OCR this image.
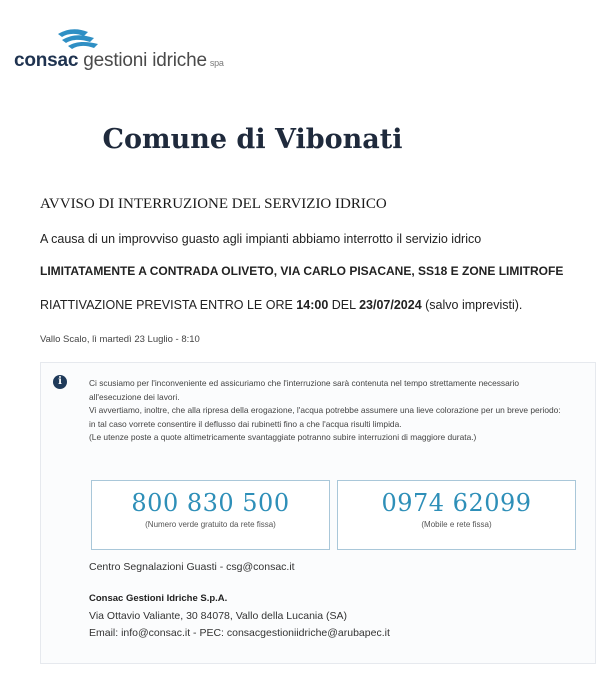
consac gestioni idriche spa
Comune di Vibonati
AVVISO DI INTERRUZIONE DEL SERVIZIO IDRICO
A causa di un improvviso guasto agli impianti abbiamo interrotto il servizio idrico
LIMITATAMENTE A CONTRADA OLIVETO, VIA CARLO PISACANE, SS18 E ZONE LIMITROFE
RIATTIVAZIONE PREVISTA ENTRO LE ORE 14:00 DEL 23/07/2024 (salvo imprevisti).
Vallo Scalo, lì martedì 23 Luglio - 8:10
i	Ci scusiamo per l'inconveniente ed assicuriamo che l'interruzione sarà contenuta nel tempo strettamente necessario all'esecuzione dei lavori.

Vi avvertiamo, inoltre, che alla ripresa della erogazione, l'acqua potrebbe assumere una lieve colorazione per un breve periodo: in tal caso vorrete consentire il deflusso dai rubinetti fino a che l'acqua risulti limpida.

(Le utenze poste a quote altimetricamente svantaggiate potranno subire interruzioni di maggiore durata.)

800 830 500
(Numero verde gratuito da rete fissa)
0974 62099
(Mobile e rete fissa)
Centro Segnalazioni Guasti - csg@consac.it
Consac Gestioni Idriche S.p.A.
Via Ottavio Valiante, 30 84078, Vallo della Lucania (SA)
Email: info@consac.it - PEC: consacgestioniidriche@arubapec.it
